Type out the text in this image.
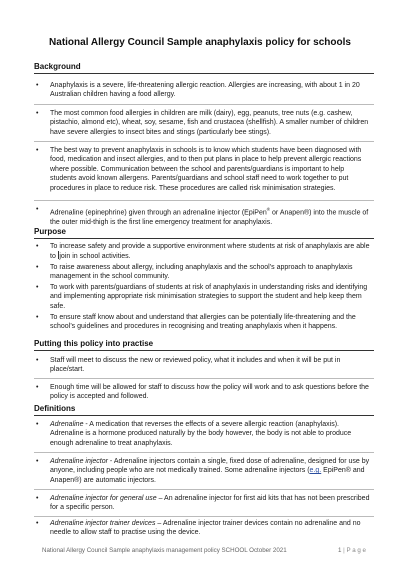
National Allergy Council Sample anaphylaxis policy for schools
Background
• Anaphylaxis is a severe, life-threatening allergic reaction. Allergies are increasing, with about 1 in 20 Australian children having a food allergy.
• The most common food allergies in children are milk (dairy), egg, peanuts, tree nuts (e.g. cashew, pistachio, almond etc), wheat, soy, sesame, fish and crustacea (shellfish). A smaller number of children have severe allergies to insect bites and stings (particularly bee stings).
• The best way to prevent anaphylaxis in schools is to know which students have been diagnosed with food, medication and insect allergies, and to then put plans in place to help prevent allergic reactions where possible. Communication between the school and parents/guardians is important to help students avoid known allergens. Parents/guardians and school staff need to work together to put procedures in place to reduce risk. These procedures are called risk minimisation strategies.
• Adrenaline (epinephrine) given through an adrenaline injector (EpiPen® or Anapen®) into the muscle of the outer mid-thigh is the first line emergency treatment for anaphylaxis.
Purpose
• To increase safety and provide a supportive environment where students at risk of anaphylaxis are able to join in school activities.
• To raise awareness about allergy, including anaphylaxis and the school’s approach to anaphylaxis management in the school community.
• To work with parents/guardians of students at risk of anaphylaxis in understanding risks and identifying and implementing appropriate risk minimisation strategies to support the student and help keep them safe.
• To ensure staff know about and understand that allergies can be potentially life-threatening and the school’s guidelines and procedures in recognising and treating anaphylaxis when it happens.
Putting this policy into practise
• Staff will meet to discuss the new or reviewed policy, what it includes and when it will be put in place/start.
• Enough time will be allowed for staff to discuss how the policy will work and to ask questions before the policy is accepted and followed.
Definitions
• Adrenaline - A medication that reverses the effects of a severe allergic reaction (anaphylaxis). Adrenaline is a hormone produced naturally by the body however, the body is not able to produce enough adrenaline to treat anaphylaxis.
• Adrenaline injector - Adrenaline injectors contain a single, fixed dose of adrenaline, designed for use by anyone, including people who are not medically trained. Some adrenaline injectors (e.g. EpiPen® and Anapen®) are automatic injectors.
• Adrenaline injector for general use – An adrenaline injector for first aid kits that has not been prescribed for a specific person.
• Adrenaline injector trainer devices – Adrenaline injector trainer devices contain no adrenaline and no needle to allow staff to practise using the device.
National Allergy Council Sample anaphylaxis management policy SCHOOL October 2021	1 | P a g e
